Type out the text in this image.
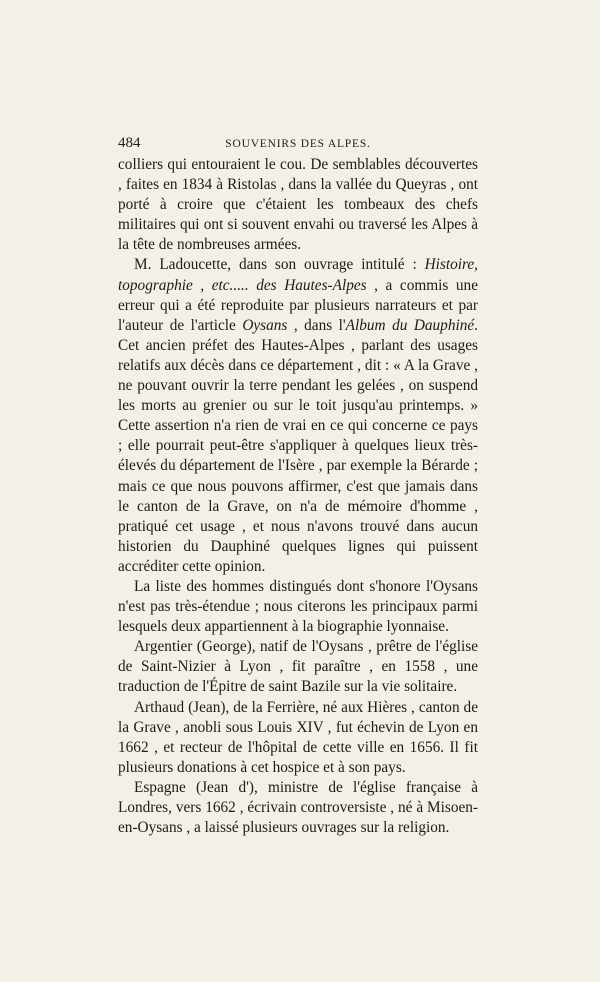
484	SOUVENIRS DES ALPES.

colliers qui entouraient le cou. De semblables découvertes , faites en 1834 à Ristolas , dans la vallée du Queyras , ont porté à croire que c'étaient les tombeaux des chefs militaires qui ont si souvent envahi ou traversé les Alpes à la tête de nombreuses armées.

M. Ladoucette, dans son ouvrage intitulé : Histoire, topographie , etc..... des Hautes-Alpes , a commis une erreur qui a été reproduite par plusieurs narrateurs et par l'auteur de l'article Oysans , dans l'Album du Dauphiné. Cet ancien préfet des Hautes-Alpes , parlant des usages relatifs aux décès dans ce département , dit : « A la Grave , ne pouvant ouvrir la terre pendant les gelées , on suspend les morts au grenier ou sur le toit jusqu'au printemps. » Cette assertion n'a rien de vrai en ce qui concerne ce pays ; elle pourrait peut-être s'appliquer à quelques lieux très-élevés du département de l'Isère , par exemple la Bérarde ; mais ce que nous pouvons affirmer, c'est que jamais dans le canton de la Grave, on n'a de mémoire d'homme , pratiqué cet usage , et nous n'avons trouvé dans aucun historien du Dauphiné quelques lignes qui puissent accréditer cette opinion.

La liste des hommes distingués dont s'honore l'Oysans n'est pas très-étendue ; nous citerons les principaux parmi lesquels deux appartiennent à la biographie lyonnaise.

Argentier (George), natif de l'Oysans , prêtre de l'église de Saint-Nizier à Lyon , fit paraître , en 1558 , une traduction de l'Épitre de saint Bazile sur la vie solitaire.

Arthaud (Jean), de la Ferrière, né aux Hières , canton de la Grave , anobli sous Louis XIV , fut échevin de Lyon en 1662 , et recteur de l'hôpital de cette ville en 1656. Il fit plusieurs donations à cet hospice et à son pays.

Espagne (Jean d'), ministre de l'église française à Londres, vers 1662 , écrivain controversiste , né à Misoen-en-Oysans , a laissé plusieurs ouvrages sur la religion.
